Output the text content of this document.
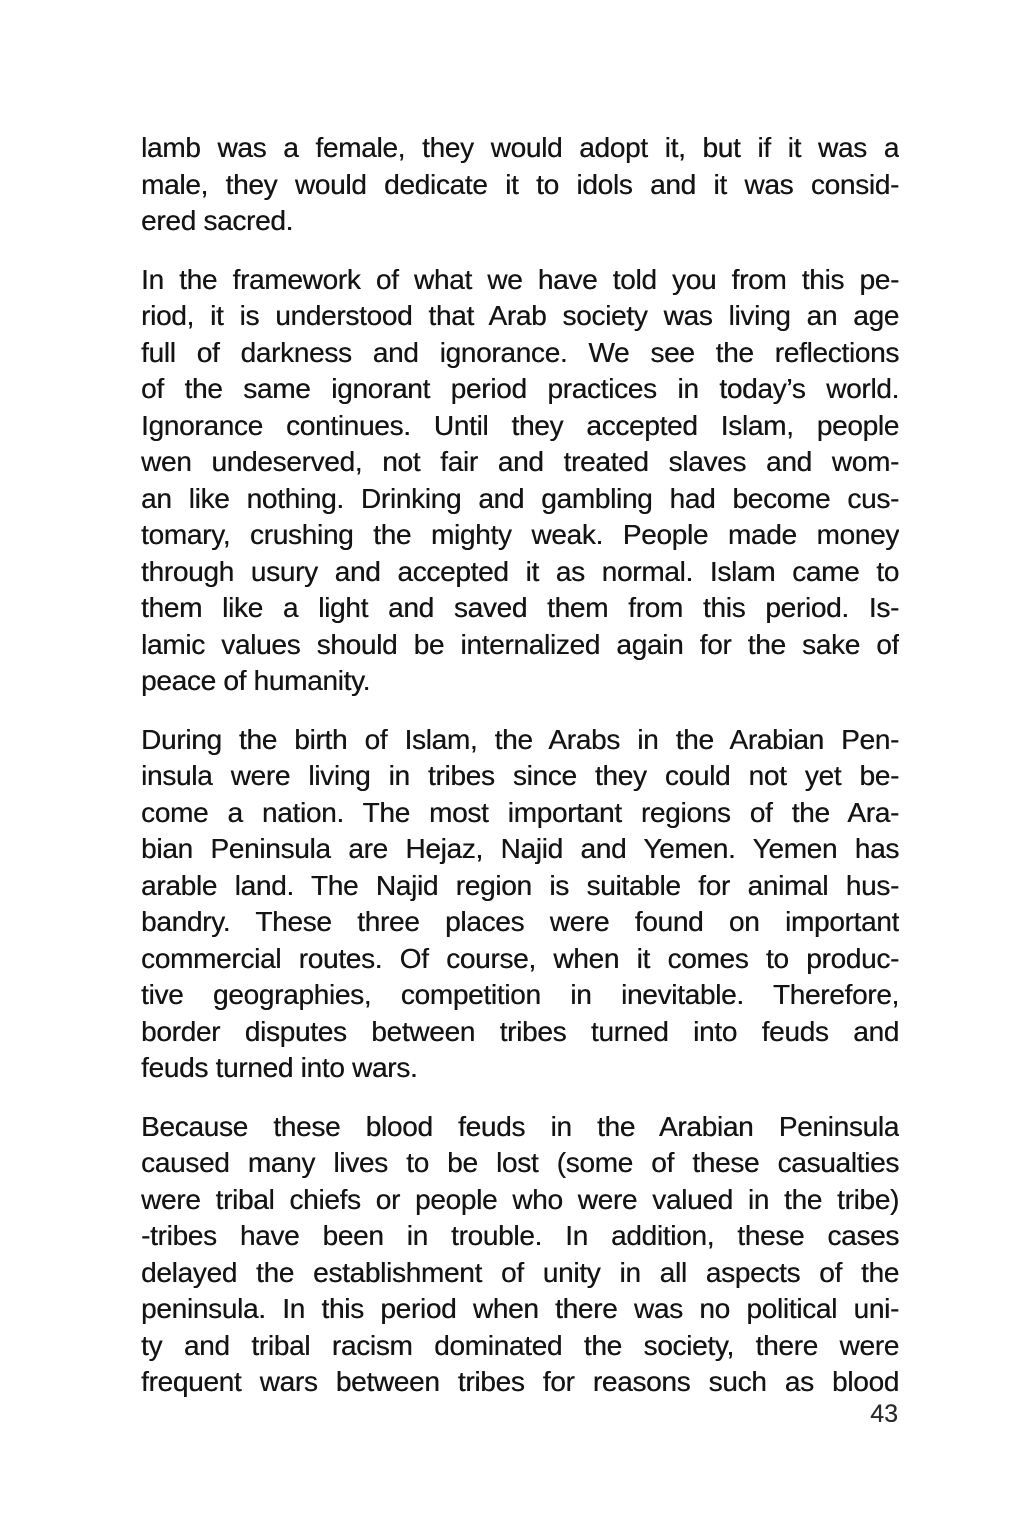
lamb was a female, they would adopt it, but if it was a
male, they would dedicate it to idols and it was consid-
ered sacred.
In the framework of what we have told you from this pe-
riod, it is understood that Arab society was living an age
full of darkness and ignorance. We see the reflections
of the same ignorant period practices in today’s world.
Ignorance continues. Until they accepted Islam, people
wen undeserved, not fair and treated slaves and wom-
an like nothing. Drinking and gambling had become cus-
tomary, crushing the mighty weak. People made money
through usury and accepted it as normal. Islam came to
them like a light and saved them from this period. Is-
lamic values should be internalized again for the sake of
peace of humanity.
During the birth of Islam, the Arabs in the Arabian Pen-
insula were living in tribes since they could not yet be-
come a nation. The most important regions of the Ara-
bian Peninsula are Hejaz, Najid and Yemen. Yemen has
arable land. The Najid region is suitable for animal hus-
bandry. These three places were found on important
commercial routes. Of course, when it comes to produc-
tive geographies, competition in inevitable. Therefore,
border disputes between tribes turned into feuds and
feuds turned into wars.
Because these blood feuds in the Arabian Peninsula
caused many lives to be lost (some of these casualties
were tribal chiefs or people who were valued in the tribe)
-tribes have been in trouble. In addition, these cases
delayed the establishment of unity in all aspects of the
peninsula. In this period when there was no political uni-
ty and tribal racism dominated the society, there were
frequent wars between tribes for reasons such as blood
43
